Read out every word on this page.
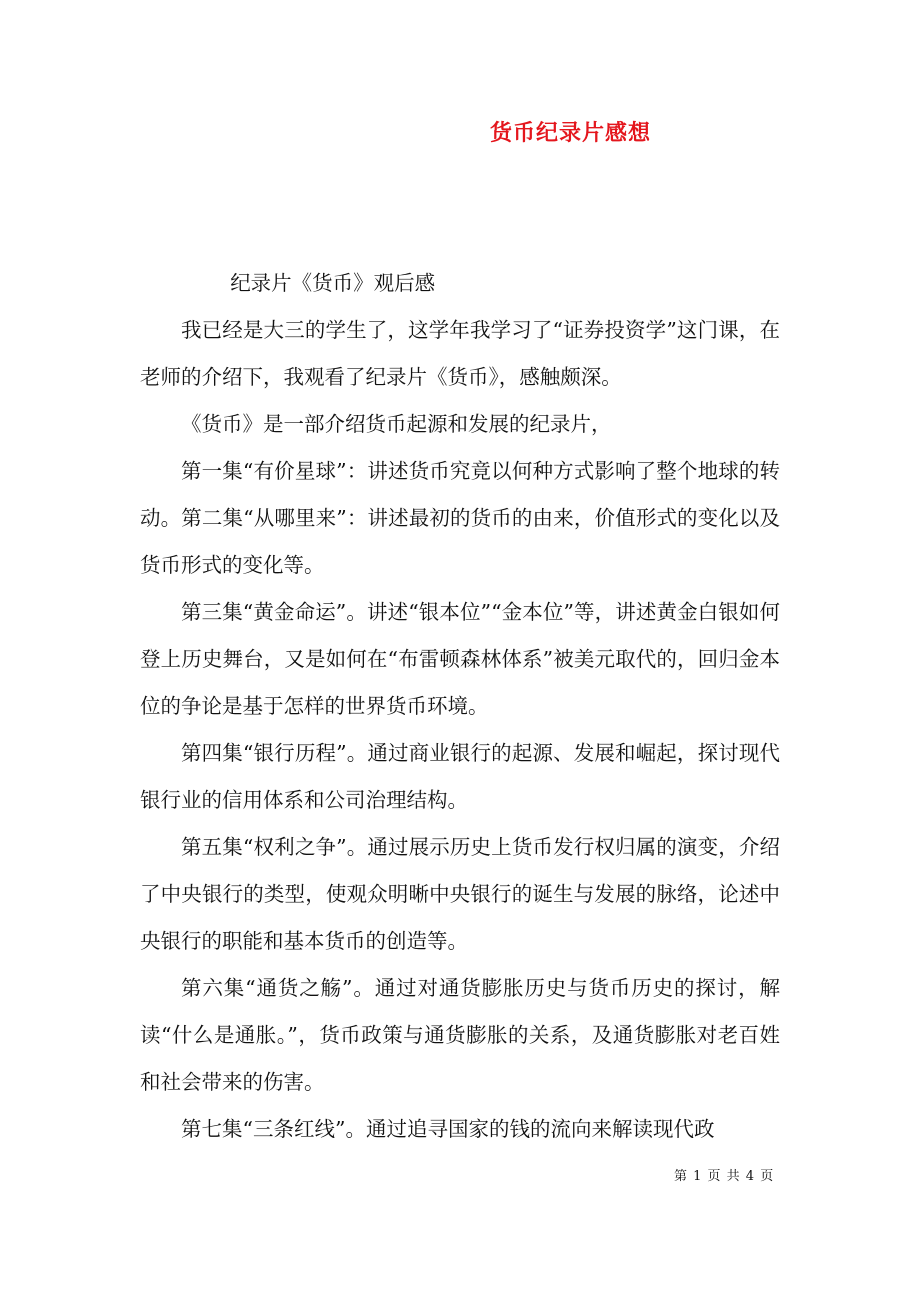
货币纪录片感想

纪录片《货币》观后感

我已经是大三的学生了，这学年我学习了“证券投资学”这门课，在老师的介绍下，我观看了纪录片《货币》，感触颇深。

《货币》是一部介绍货币起源和发展的纪录片，

第一集“有价星球”：讲述货币究竟以何种方式影响了整个地球的转动。第二集“从哪里来”：讲述最初的货币的由来，价值形式的变化以及货币形式的变化等。

第三集“黄金命运”。讲述“银本位”“金本位”等，讲述黄金白银如何登上历史舞台，又是如何在“布雷顿森林体系”被美元取代的，回归金本位的争论是基于怎样的世界货币环境。

第四集“银行历程”。通过商业银行的起源、发展和崛起，探讨现代银行业的信用体系和公司治理结构。

第五集“权利之争”。通过展示历史上货币发行权归属的演变，介绍了中央银行的类型，使观众明晰中央银行的诞生与发展的脉络，论述中央银行的职能和基本货币的创造等。

第六集“通货之觞”。通过对通货膨胀历史与货币历史的探讨，解读“什么是通胀。”，货币政策与通货膨胀的关系，及通货膨胀对老百姓和社会带来的伤害。

第七集“三条红线”。通过追寻国家的钱的流向来解读现代政

第 1 页 共 4 页
